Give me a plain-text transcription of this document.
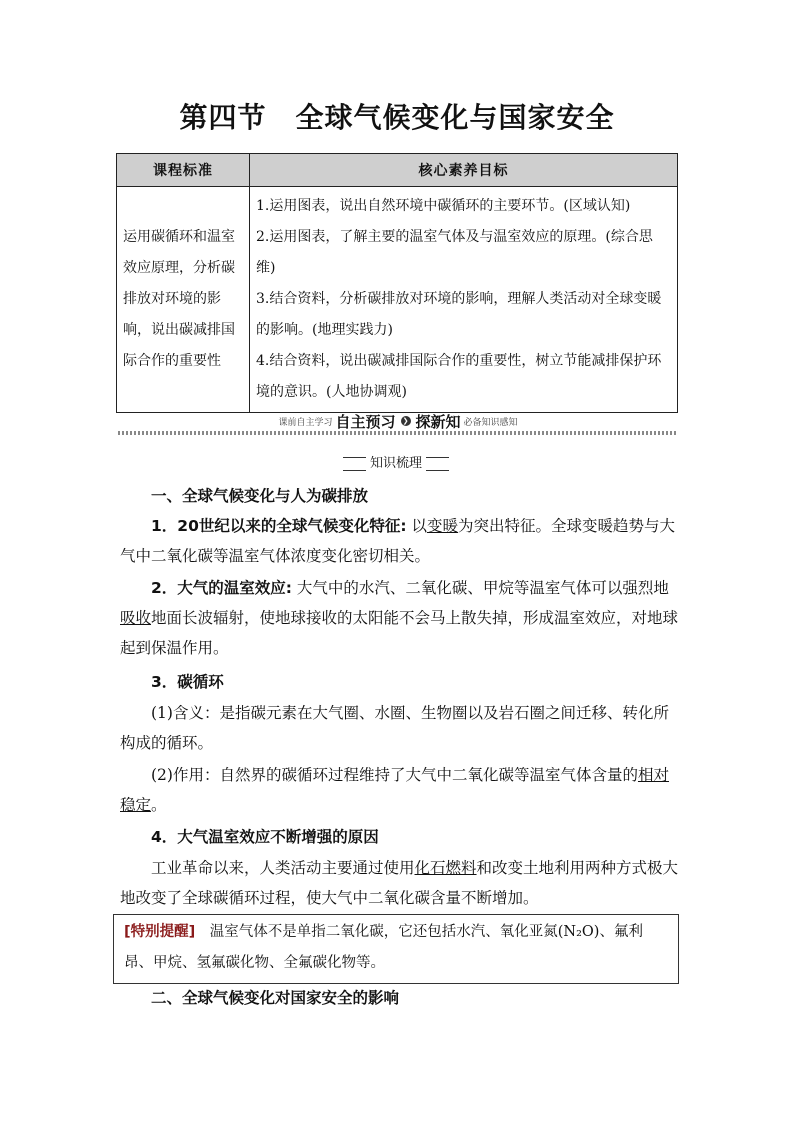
第四节　全球气候变化与国家安全
课程标准	核心素养目标
运用碳循环和温室效应原理，分析碳排放对环境的影响，说出碳减排国际合作的重要性	1.运用图表，说出自然环境中碳循环的主要环节。(区域认知)
2.运用图表，了解主要的温室气体及与温室效应的原理。(综合思维)
3.结合资料，分析碳排放对环境的影响，理解人类活动对全球变暖的影响。(地理实践力)
4.结合资料，说出碳减排国际合作的重要性，树立节能减排保护环境的意识。(人地协调观)
课前自主学习 自主预习 ❯ 探新知 必备知识感知
知识梳理

一、全球气候变化与人为碳排放

1．20世纪以来的全球气候变化特征: 以变暖为突出特征。全球变暖趋势与大气中二氧化碳等温室气体浓度变化密切相关。

2．大气的温室效应: 大气中的水汽、二氧化碳、甲烷等温室气体可以强烈地吸收地面长波辐射，使地球接收的太阳能不会马上散失掉，形成温室效应，对地球起到保温作用。

3．碳循环

(1)含义：是指碳元素在大气圈、水圈、生物圈以及岩石圈之间迁移、转化所构成的循环。

(2)作用：自然界的碳循环过程维持了大气中二氧化碳等温室气体含量的相对稳定。

4．大气温室效应不断增强的原因

工业革命以来，人类活动主要通过使用化石燃料和改变土地利用两种方式极大地改变了全球碳循环过程，使大气中二氧化碳含量不断增加。

[特别提醒]　温室气体不是单指二氧化碳，它还包括水汽、氧化亚氮(N₂O)、氟利昂、甲烷、氢氟碳化物、全氟碳化物等。

二、全球气候变化对国家安全的影响
